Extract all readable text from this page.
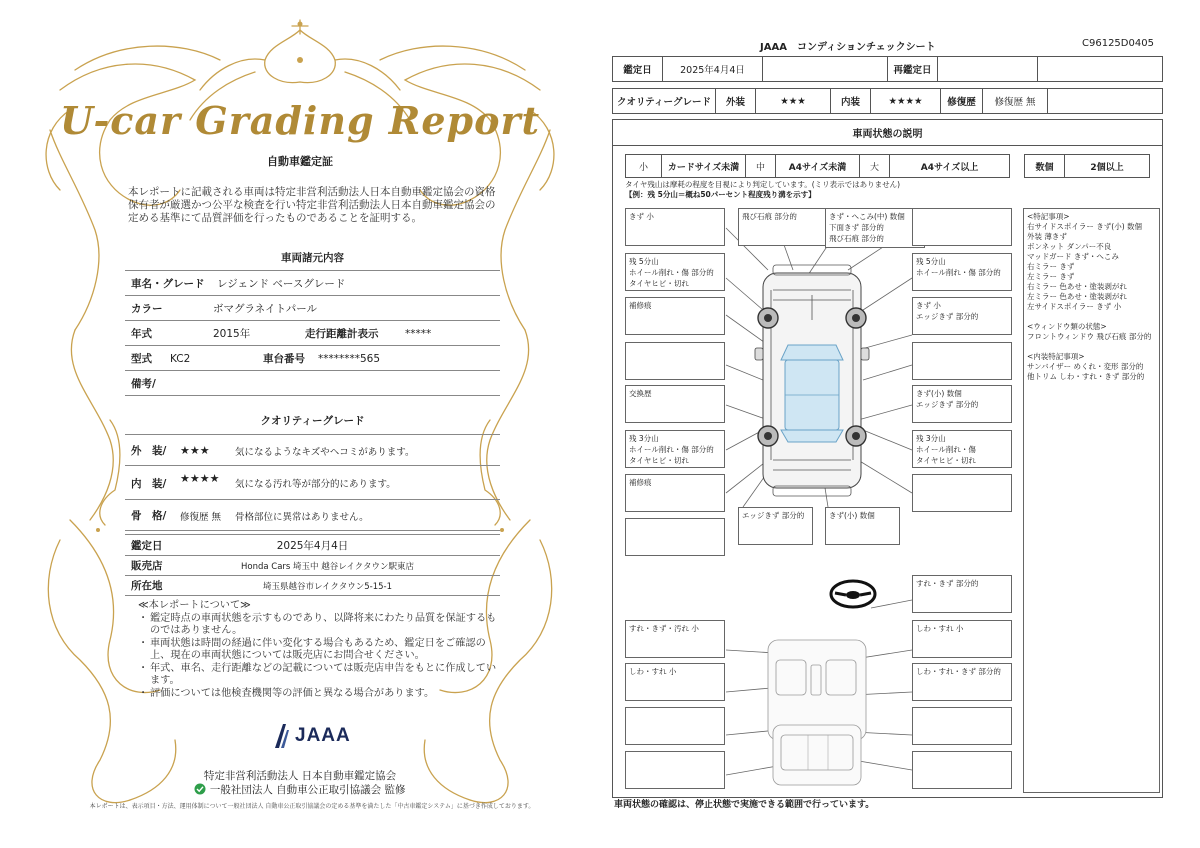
U-car Grading Report
自動車鑑定証
本レポートに記載される車両は特定非営利活動法人日本自動車鑑定協会の資格保有者が厳選かつ公平な検査を行い特定非営利活動法人日本自動車鑑定協会の定める基準にて品質評価を行ったものであることを証明する。
車両諸元内容
車名・グレード	レジェンド ベースグレード
カラー	ボマグラネイトパール
年式	2015年	走行距離計表示	*****
型式	KC2	車台番号	********565
備考/
クオリティーグレード
外　装/	★★★	気になるようなキズやヘコミがあります。
内　装/	★★★★	気になる汚れ等が部分的にあります。
骨　格/	修復歴 無	骨格部位に異常はありません。
鑑定日	2025年4月4日
販売店	Honda Cars 埼玉中 越谷レイクタウン駅東店
所在地	埼玉県越谷市レイクタウン5-15-1
≪本レポートについて≫
・ 鑑定時点の車両状態を示すものであり、以降将来にわたり品質を保証するものではありません。
・ 車両状態は時間の経過に伴い変化する場合もあるため、鑑定日をご確認の上、現在の車両状態については販売店にお問合せください。
・ 年式、車名、走行距離などの記載については販売店申告をもとに作成しています。
・ 評価については他検査機関等の評価と異なる場合があります。
JAAA
特定非営利活動法人 日本自動車鑑定協会
一般社団法人 自動車公正取引協議会 監修
本レポートは、表示項目・方法、運用体制について一般社団法人 自動車公正取引協議会の定める基準を満たした「中古車鑑定システム」に基づき作成しております。
JAAA　コンディションチェックシート	C96125D0405
鑑定日	2025年4月4日	再鑑定日
クオリティーグレード	外装	★★★	内装	★★★★	修復歴	修復歴 無
車両状態の説明
小	カードサイズ未満	中	A4サイズ未満	大	A4サイズ以上	数個	2個以上
タイヤ残山は摩耗の程度を目視により判定しています。(ミリ表示ではありません)
【例：残 5分山＝概ね50パーセント程度残り溝を示す】
きず 小	飛び石痕 部分的	きず・へこみ(中) 数個
下面きず 部分的
飛び石痕 部分的
残 5分山
ホイール削れ・傷 部分的
タイヤヒビ・切れ
残 5分山
ホイール削れ・傷 部分的
補修痕	きず 小
エッジきず 部分的
交換歴	きず(小) 数個
エッジきず 部分的
残 3分山
ホイール削れ・傷 部分的
タイヤヒビ・切れ
残 3分山
ホイール削れ・傷
タイヤヒビ・切れ
補修痕
エッジきず 部分的	きず(小) 数個
すれ・きず 部分的
すれ・きず・汚れ 小	しわ・すれ 小
しわ・すれ 小	しわ・すれ・きず 部分的
<特記事項>
右サイドスポイラー きず(小) 数個
外装 薄きず
ボンネット ダンパー不良
マッドガード きず・へこみ
右ミラー きず
左ミラー きず
右ミラー 色あせ・塗装剥がれ
左ミラー 色あせ・塗装剥がれ
左サイドスポイラー きず 小
<ウィンドウ類の状態>
フロントウィンドウ 飛び石痕 部分的
<内装特記事項>
サンバイザー めくれ・変形 部分的
他トリム しわ・すれ・きず 部分的
車両状態の確認は、停止状態で実施できる範囲で行っています。
